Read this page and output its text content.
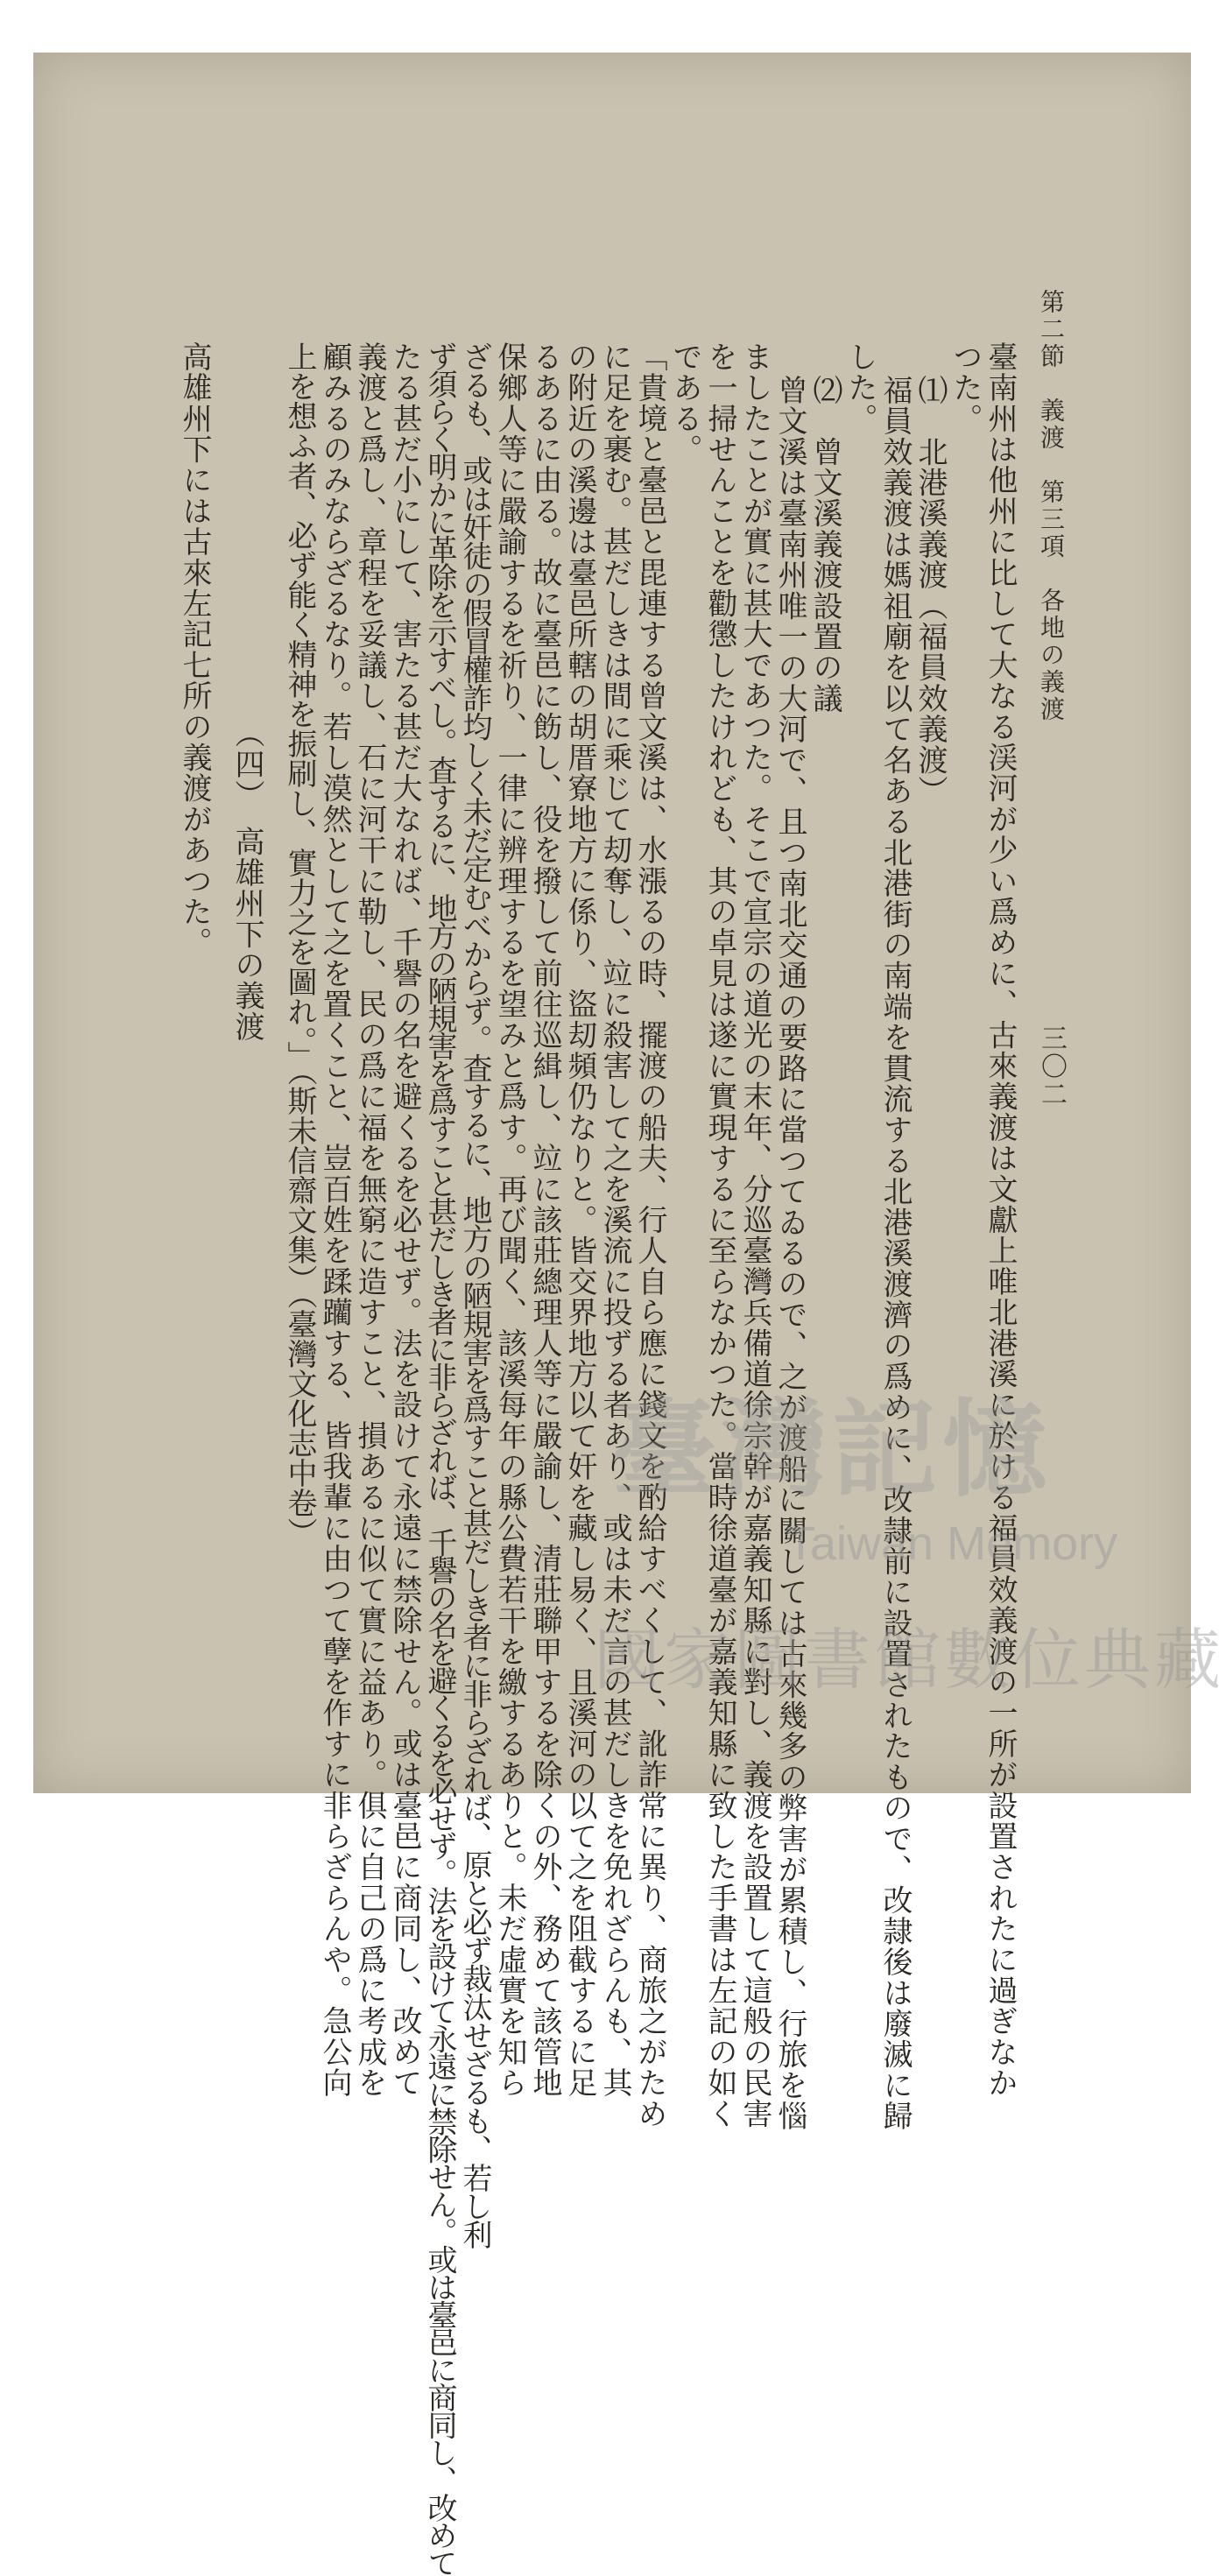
第二節　義渡　第三項　各地の義渡
三〇二
臺南州は他州に比して大なる渓河が少い爲めに、古來義渡は文獻上唯北港溪に於ける福員效義渡の一所が設置されたに過ぎなか
つた。
⑴　北港溪義渡（福員效義渡）
福員效義渡は媽祖廟を以て名ある北港街の南端を貫流する北港溪渡濟の爲めに、改隷前に設置されたもので、改隷後は廢滅に歸
した。
⑵　曾文溪義渡設置の議
曾文溪は臺南州唯一の大河で、且つ南北交通の要路に當つてゐるので、之が渡船に關しては古來幾多の弊害が累積し、行旅を惱
ましたことが實に甚大であつた。そこで宣宗の道光の末年、分巡臺灣兵備道徐宗幹が嘉義知縣に對し、義渡を設置して這般の民害
を一掃せんことを勸懲したけれども、其の卓見は遂に實現するに至らなかつた。當時徐道臺が嘉義知縣に致した手書は左記の如く
である。
「貴境と臺邑と毘連する曾文溪は、水漲るの時、擺渡の船夫、行人自ら應に錢文を酌給すべくして、訛詐常に異り、商旅之がため
に足を裹む。甚だしきは間に乘じて刧奪し、竝に殺害して之を溪流に投ずる者あり、或は未だ言の甚だしきを免れざらんも、其
の附近の溪邊は臺邑所轄の胡厝寮地方に係り、盜刧頻仍なりと。皆交界地方以て奸を藏し易く、且溪河の以て之を阻截するに足
るあるに由る。故に臺邑に飭し、役を撥して前往巡緝し、竝に該莊總理人等に嚴諭し、清莊聯甲するを除くの外、務めて該管地
保鄉人等に嚴諭するを祈り、一律に辨理するを望みと爲す。再び聞く、該溪每年の縣公費若干を繳するありと。未だ虛實を知ら
ざるも、或は奸徒の假冒權詐均しく未だ定むべからず。査するに、地方の陋規害を爲すこと甚だしき者に非らざれば、原と必ず裁汰せざるも、若し利
ず須らく明かに革除を示すべし。査するに、地方の陋規害を爲すこと甚だしき者に非らざれば、千譽の名を避くるを必せず。法を設けて永遠に禁除せん。或は臺邑に商同し、改めて
たる甚だ小にして、害たる甚だ大なれば、千譽の名を避くるを必せず。法を設けて永遠に禁除せん。或は臺邑に商同し、改めて
義渡と爲し、章程を妥議し、石に河干に勒し、民の爲に福を無窮に造すこと、損あるに似て實に益あり。俱に自己の爲に考成を
顧みるのみならざるなり。若し漠然として之を置くこと、豈百姓を蹂躪する、皆我輩に由つて孽を作すに非らざらんや。急公向
上を想ふ者、必ず能く精神を振刷し、實力之を圖れ。」（斯未信齋文集）（臺灣文化志中卷）
（四）　高雄州下の義渡
高雄州下には古來左記七所の義渡があつた。
臺灣記憶
Taiwan Memory
國家圖書館數位典藏
